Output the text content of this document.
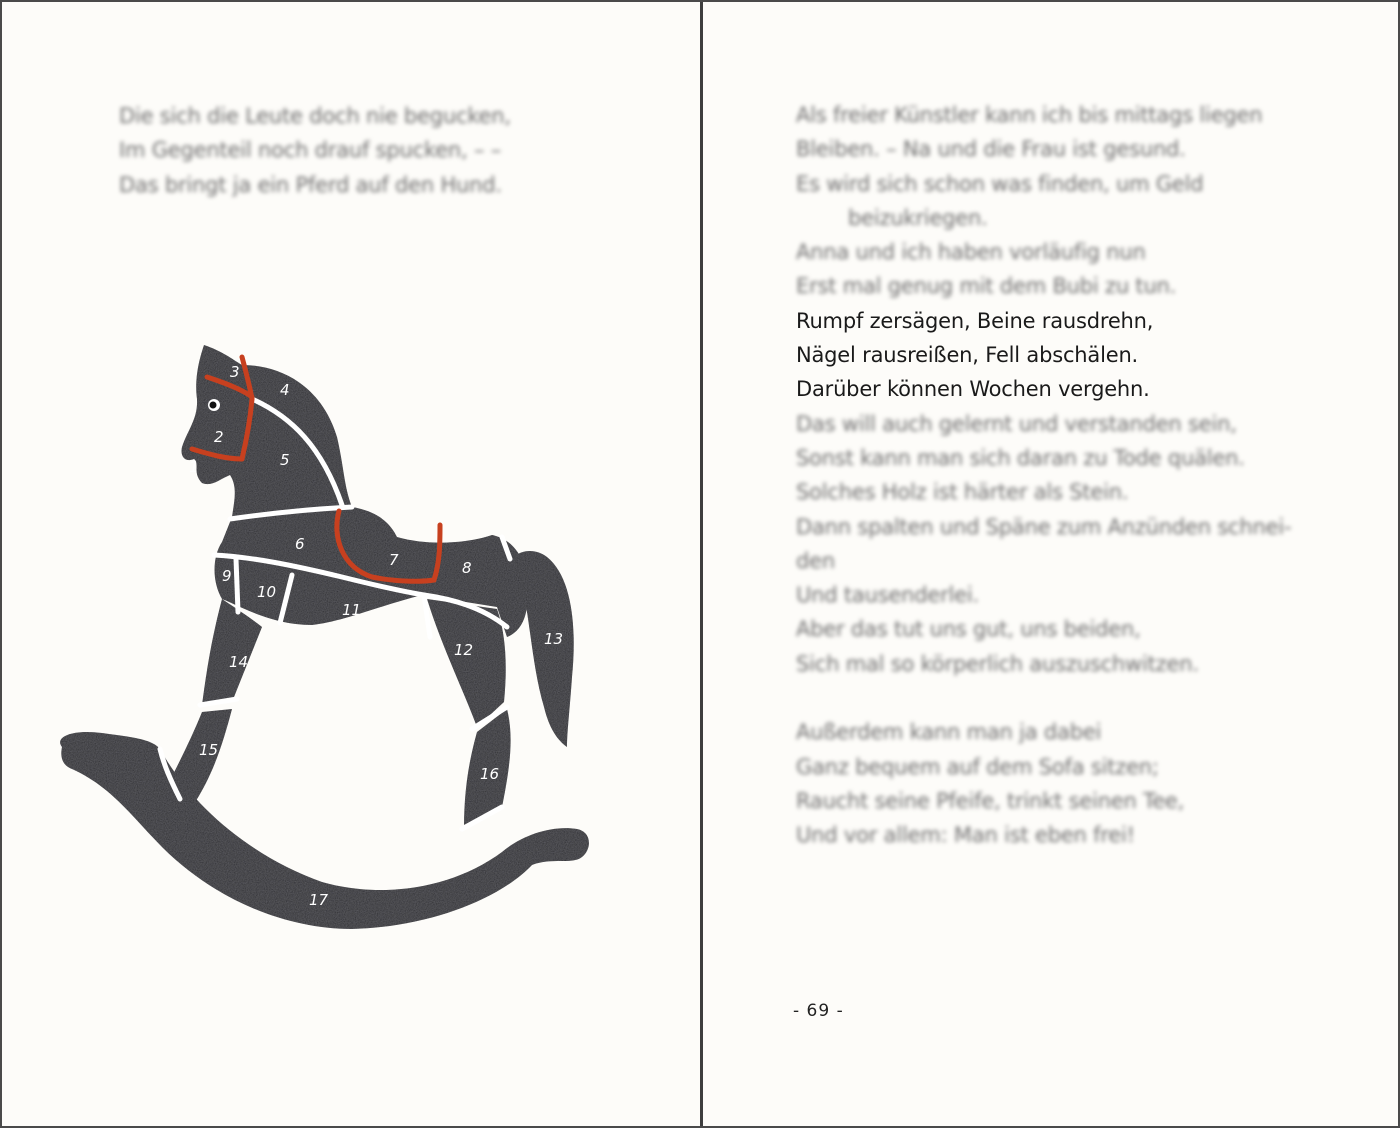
Die sich die Leute doch nie begucken,
Im Gegenteil noch drauf spucken, – –
Das bringt ja ein Pferd auf den Hund.
1
2
3
4
5
6
7	8
9
10
11
12
13
14
15
16
17
Als freier Künstler kann ich bis mittags liegen
Bleiben. – Na und die Frau ist gesund.
Es wird sich schon was finden, um Geld
beizukriegen.
Anna und ich haben vorläufig nun
Erst mal genug mit dem Bubi zu tun.
Rumpf zersägen, Beine rausdrehn,
Nägel rausreißen, Fell abschälen.
Darüber können Wochen vergehn.
Das will auch gelernt und verstanden sein,
Sonst kann man sich daran zu Tode quälen.
Solches Holz ist härter als Stein.
Dann spalten und Späne zum Anzünden schnei-
den
Und tausenderlei.
Aber das tut uns gut, uns beiden,
Sich mal so körperlich auszuschwitzen.
Außerdem kann man ja dabei
Ganz bequem auf dem Sofa sitzen;
Raucht seine Pfeife, trinkt seinen Tee,
Und vor allem: Man ist eben frei!
- 69 -
